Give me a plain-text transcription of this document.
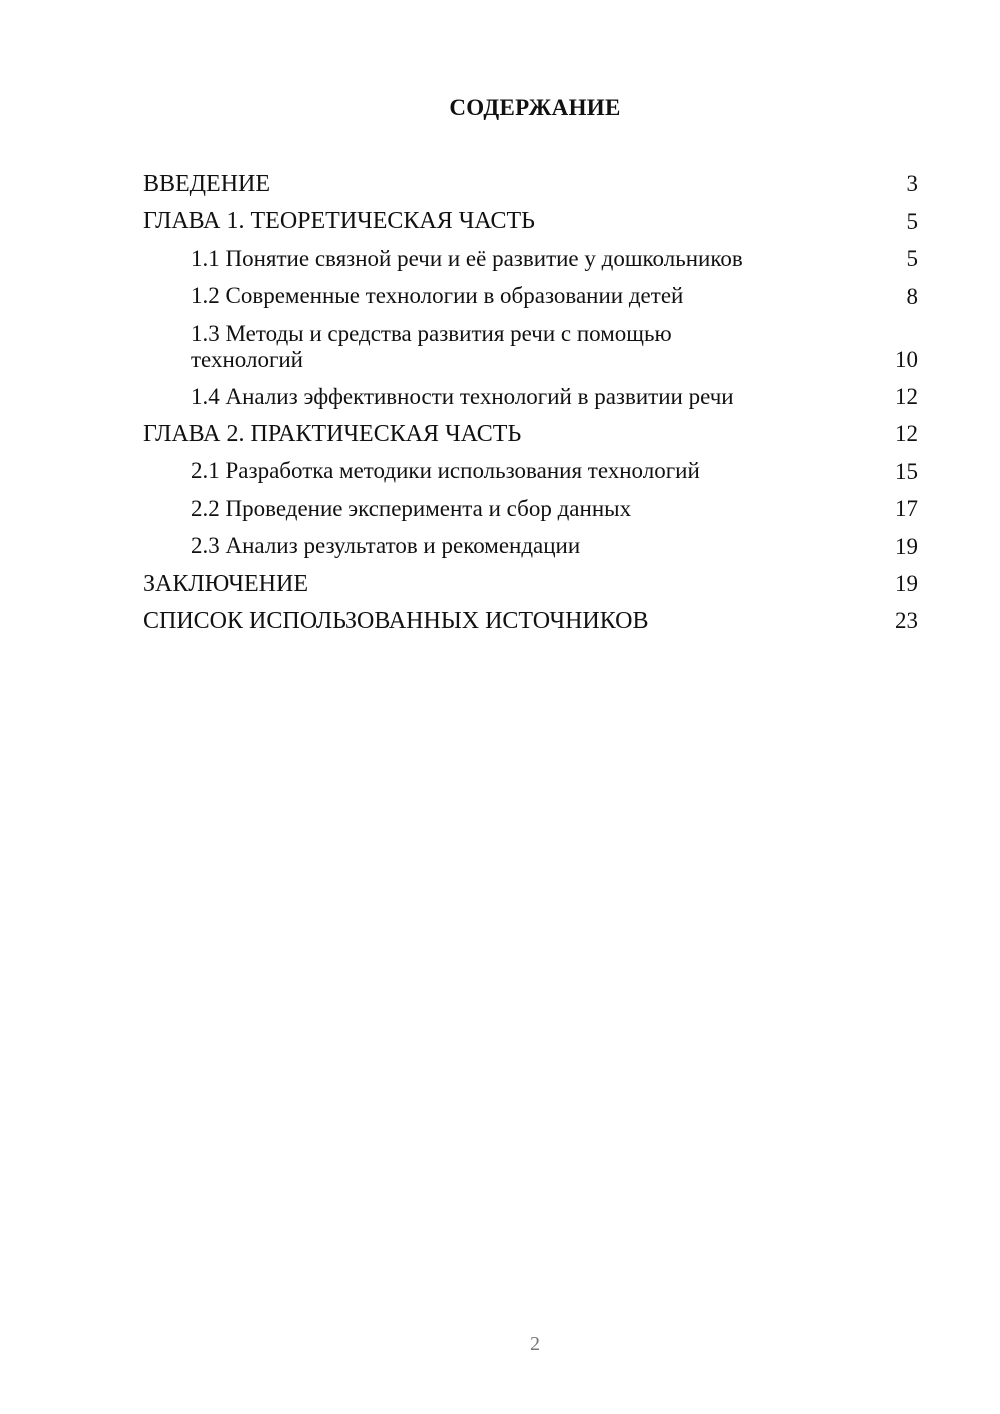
СОДЕРЖАНИЕ
ВВЕДЕНИЕ	3
ГЛАВА 1. ТЕОРЕТИЧЕСКАЯ ЧАСТЬ	5
1.1 Понятие связной речи и её развитие у дошкольников	5
1.2 Современные технологии в образовании детей	8
1.3 Методы и средства развития речи с помощью технологий	10
1.4 Анализ эффективности технологий в развитии речи	12
ГЛАВА 2. ПРАКТИЧЕСКАЯ ЧАСТЬ	12
2.1 Разработка методики использования технологий	15
2.2 Проведение эксперимента и сбор данных	17
2.3 Анализ результатов и рекомендации	19
ЗАКЛЮЧЕНИЕ	19
СПИСОК ИСПОЛЬЗОВАННЫХ ИСТОЧНИКОВ	23
2
